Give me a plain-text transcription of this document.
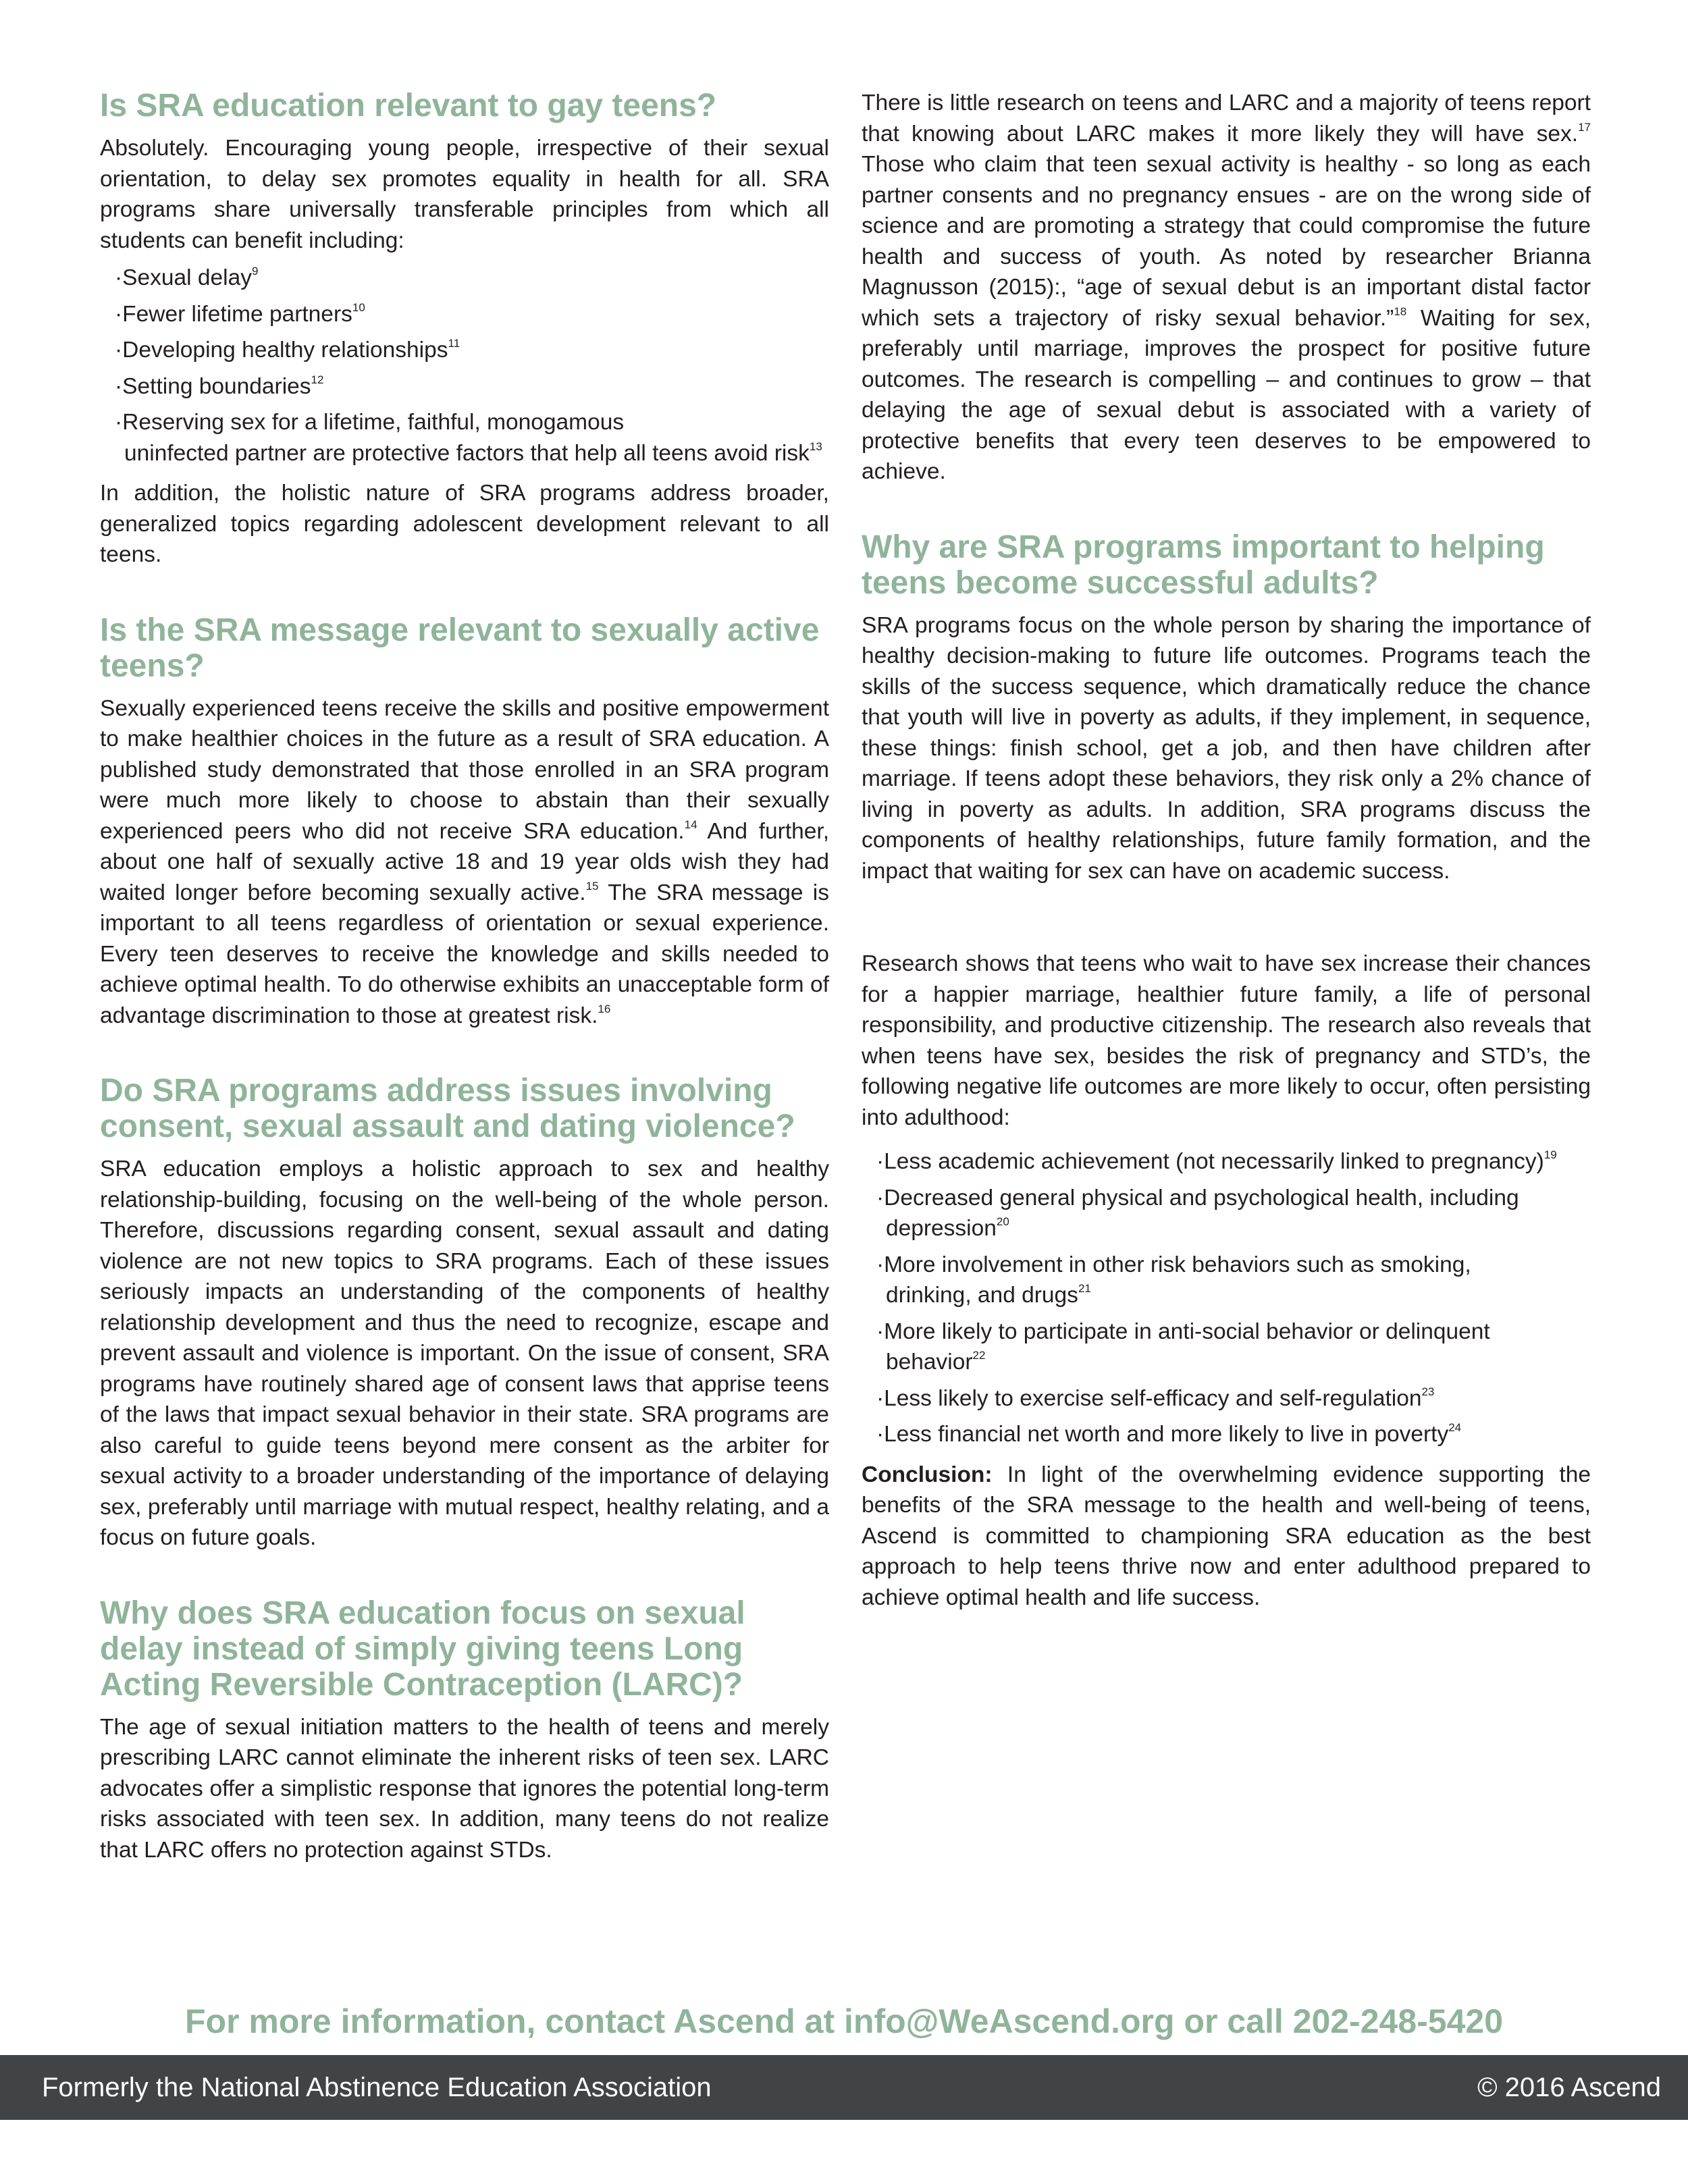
Is SRA education relevant to gay teens?

Absolutely. Encouraging young people, irrespective of their sexual orientation, to delay sex promotes equality in health for all. SRA programs share universally transferable principles from which all students can benefit including:

·Sexual delay$^9$
·Fewer lifetime partners$^{10}$
·Developing healthy relationships$^{11}$
·Setting boundaries$^{12}$
·Reserving sex for a lifetime, faithful, monogamous
uninfected partner are protective factors that help all teens avoid risk$^{13}$

In addition, the holistic nature of SRA programs address broader, generalized topics regarding adolescent development relevant to all teens.

Is the SRA message relevant to sexually active teens?

Sexually experienced teens receive the skills and positive empowerment to make healthier choices in the future as a result of SRA education. A published study demonstrated that those enrolled in an SRA program were much more likely to choose to abstain than their sexually experienced peers who did not receive SRA education.$^{14}$ And further, about one half of sexually active 18 and 19 year olds wish they had waited longer before becoming sexually active.$^{15}$ The SRA message is important to all teens regardless of orientation or sexual experience. Every teen deserves to receive the knowledge and skills needed to achieve optimal health. To do otherwise exhibits an unacceptable form of advantage discrimination to those at greatest risk.$^{16}$

Do SRA programs address issues involving consent, sexual assault and dating violence?

SRA education employs a holistic approach to sex and healthy relationship-building, focusing on the well-being of the whole person. Therefore, discussions regarding consent, sexual assault and dating violence are not new topics to SRA programs. Each of these issues seriously impacts an understanding of the components of healthy relationship development and thus the need to recognize, escape and prevent assault and violence is important. On the issue of consent, SRA programs have routinely shared age of consent laws that apprise teens of the laws that impact sexual behavior in their state. SRA programs are also careful to guide teens beyond mere consent as the arbiter for sexual activity to a broader understanding of the importance of delaying sex, preferably until marriage with mutual respect, healthy relating, and a focus on future goals.

Why does SRA education focus on sexual delay instead of simply giving teens Long Acting Reversible Contraception (LARC)?

The age of sexual initiation matters to the health of teens and merely prescribing LARC cannot eliminate the inherent risks of teen sex. LARC advocates offer a simplistic response that ignores the potential long-term risks associated with teen sex. In addition, many teens do not realize that LARC offers no protection against STDs.

There is little research on teens and LARC and a majority of teens report that knowing about LARC makes it more likely they will have sex.$^{17}$ Those who claim that teen sexual activity is healthy - so long as each partner consents and no pregnancy ensues - are on the wrong side of science and are promoting a strategy that could compromise the future health and success of youth. As noted by researcher Brianna Magnusson (2015):, “age of sexual debut is an important distal factor which sets a trajectory of risky sexual behavior.”$^{18}$ Waiting for sex, preferably until marriage, improves the prospect for positive future outcomes. The research is compelling – and continues to grow – that delaying the age of sexual debut is associated with a variety of protective benefits that every teen deserves to be empowered to achieve.

Why are SRA programs important to helping teens become successful adults?

SRA programs focus on the whole person by sharing the importance of healthy decision-making to future life outcomes. Programs teach the skills of the success sequence, which dramatically reduce the chance that youth will live in poverty as adults, if they implement, in sequence, these things: finish school, get a job, and then have children after marriage. If teens adopt these behaviors, they risk only a 2% chance of living in poverty as adults. In addition, SRA programs discuss the components of healthy relationships, future family formation, and the impact that waiting for sex can have on academic success.

Research shows that teens who wait to have sex increase their chances for a happier marriage, healthier future family, a life of personal responsibility, and productive citizenship. The research also reveals that when teens have sex, besides the risk of pregnancy and STD’s, the following negative life outcomes are more likely to occur, often persisting into adulthood:

·Less academic achievement (not necessarily linked to pregnancy)$^{19}$
·Decreased general physical and psychological health, including
depression$^{20}$
·More involvement in other risk behaviors such as smoking,
drinking, and drugs$^{21}$
·More likely to participate in anti-social behavior or delinquent
behavior$^{22}$
·Less likely to exercise self-efficacy and self-regulation$^{23}$
·Less financial net worth and more likely to live in poverty$^{24}$

Conclusion: In light of the overwhelming evidence supporting the benefits of the SRA message to the health and well-being of teens, Ascend is committed to championing SRA education as the best approach to help teens thrive now and enter adulthood prepared to achieve optimal health and life success.

For more information, contact Ascend at info@WeAscend.org or call 202-248-5420
Formerly the National Abstinence Education Association	© 2016 Ascend
